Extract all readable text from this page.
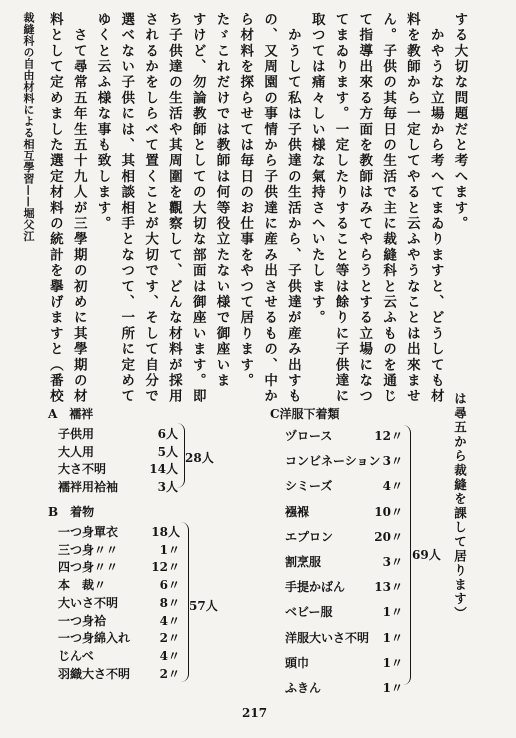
裁縫科の自由材料による相互學習——堀父江	する大切な問題だと考へます。
　かやうな立場から考へてまゐりますと、どうしても材
料を教師から一定してやると云ふやうなことは出來ませ
ん。子供の其毎日の生活で主に裁縫科と云ふものを通じ
て指導出來る方面を教師はみてやらうとする立場になつ
てまゐります。一定したりすること等は餘りに子供達に
取つては痛々しい様な氣持さへいたします。
　かうして私は子供達の生活から、子供達が産み出すも
の、又周園の事情から子供達に産み出させるもの、中か
ら材料を探らせては毎日のお仕事をやつて居ります。
たゞこれだけでは教師は何等役立たない様で御座いま
すけど、勿論教師としての大切な部面は御座います。即
ち子供達の生活や其周圍を觀察して、どんな材料が採用
されるかをしらべて置くことが大切です、そして自分で
選べない子供には、其相談相手となつて、一所に定めて
ゆくと云ふ様な事も致します。
　さて尋常五年生五十九人が三學期の初めに其學期の材
料として定めました選定材料の統計を擧げますと（番校
は尋五から裁縫を課して居ります）
A　襦袢
子供用	6人
大人用	5人
大さ不明	14人
襦袢用袷袖	3人
28人
B　着物
一つ身單衣	18人
三つ身〃〃	1〃
四つ身〃〃	12〃
本　裁〃	6〃
大いさ不明	8〃
一つ身袷	4〃
一つ身綿入れ 2〃
じんべ	4〃
羽織大さ不明 2〃
57人
C洋服下着類
ヅロース	12〃
コンビネーション 3〃
シミーズ	4〃
襁褓	10〃
エプロン	20〃
割烹服	3〃
手提かばん 13〃
ベビー服	1〃
洋服大いさ不明 1〃
頭巾	1〃
ふきん	1〃
69人
217
